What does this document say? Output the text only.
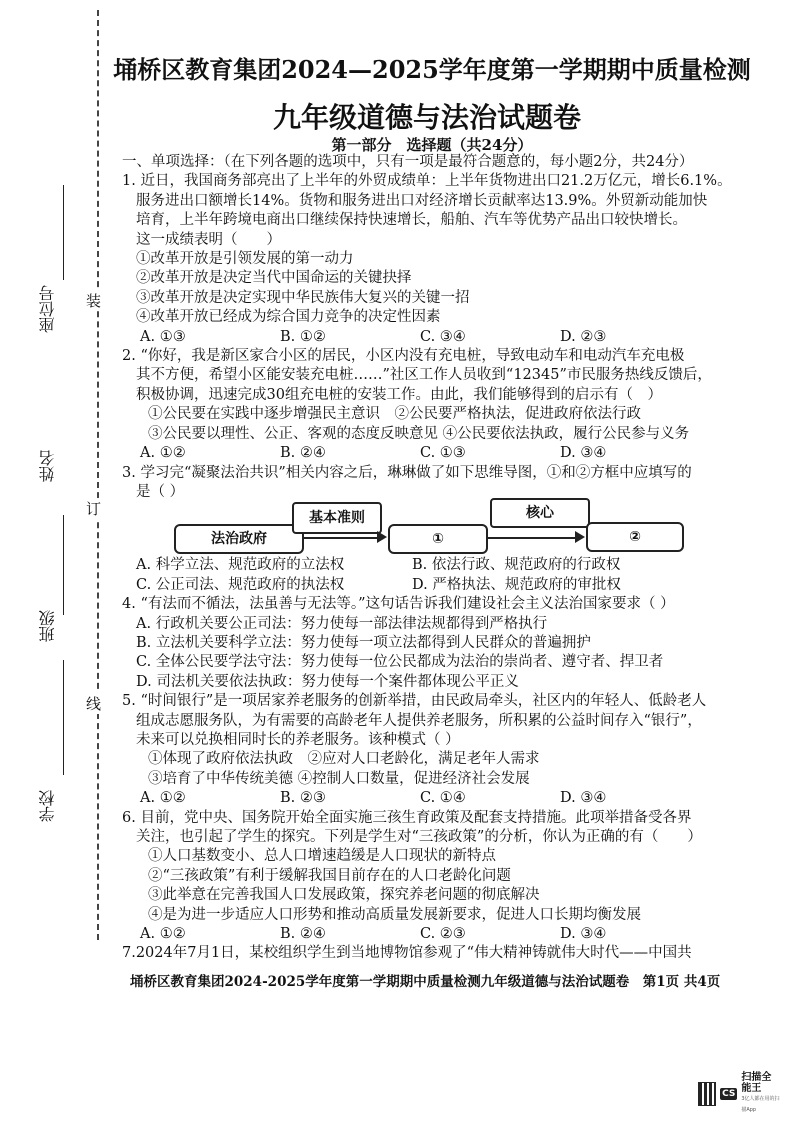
座位号
姓名
班级
学校
装
订
线
埇桥区教育集团2024—2025学年度第一学期期中质量检测
九年级道德与法治试题卷
第一部分　选择题（共24分）

一、单项选择：（在下列各题的选项中，只有一项是最符合题意的，每小题2分，共24分）

1. 近日，我国商务部亮出了上半年的外贸成绩单：上半年货物进出口21.2万亿元，增长6.1%。

服务进出口额增长14%。货物和服务进出口对经济增长贡献率达13.9%。外贸新动能加快

培育，上半年跨境电商出口继续保持快速增长，船舶、汽车等优势产品出口较快增长。

这一成绩表明（　　）

①改革开放是引领发展的第一动力

②改革开放是决定当代中国命运的关键抉择

③改革开放是决定实现中华民族伟大复兴的关键一招

④改革开放已经成为综合国力竞争的决定性因素

A. ①③	B. ①②	C. ③④	D. ②③

2. “你好，我是新区家合小区的居民，小区内没有充电桩，导致电动车和电动汽车充电极

其不方便，希望小区能安装充电桩……”社区工作人员收到“12345”市民服务热线反馈后，

积极协调，迅速完成30组充电桩的安装工作。由此，我们能够得到的启示有（　）

①公民要在实践中逐步增强民主意识　②公民要严格执法，促进政府依法行政

③公民要以理性、公正、客观的态度反映意见 ④公民要依法执政，履行公民参与义务

A. ①②	B. ②④	C. ①③	D. ③④

3. 学习完“凝聚法治共识”相关内容之后，琳琳做了如下思维导图，①和②方框中应填写的

是（ ）

法治政府
基本准则
①
核心
②
A. 科学立法、规范政府的立法权	B. 依法行政、规范政府的行政权
C. 公正司法、规范政府的执法权	D. 严格执法、规范政府的审批权

4. “有法而不循法，法虽善与无法等。”这句话告诉我们建设社会主义法治国家要求（ ）

A. 行政机关要公正司法：努力使每一部法律法规都得到严格执行

B. 立法机关要科学立法：努力使每一项立法都得到人民群众的普遍拥护

C. 全体公民要学法守法：努力使每一位公民都成为法治的崇尚者、遵守者、捍卫者

D. 司法机关要依法执政：努力使每一个案件都体现公平正义

5. “时间银行”是一项居家养老服务的创新举措，由民政局牵头，社区内的年轻人、低龄老人

组成志愿服务队，为有需要的高龄老年人提供养老服务，所积累的公益时间存入“银行”，

未来可以兑换相同时长的养老服务。该种模式（ ）

①体现了政府依法执政　②应对人口老龄化，满足老年人需求

③培育了中华传统美德 ④控制人口数量，促进经济社会发展

A. ①②	B. ②③	C. ①④	D. ③④

6. 目前，党中央、国务院开始全面实施三孩生育政策及配套支持措施。此项举措备受各界

关注，也引起了学生的探究。下列是学生对“三孩政策”的分析，你认为正确的有（　　）

①人口基数变小、总人口增速趋缓是人口现状的新特点

②“三孩政策”有利于缓解我国目前存在的人口老龄化问题

③此举意在完善我国人口发展政策，探究养老问题的彻底解决

④是为进一步适应人口形势和推动高质量发展新要求，促进人口长期均衡发展

A. ①②	B. ②④	C. ②③	D. ③④

7.2024年7月1日，某校组织学生到当地博物馆参观了“伟大精神铸就伟大时代——中国共

埇桥区教育集团2024-2025学年度第一学期期中质量检测九年级道德与法治试题卷　第1页 共4页
CS
扫描全能王
3亿人都在用的扫描App
